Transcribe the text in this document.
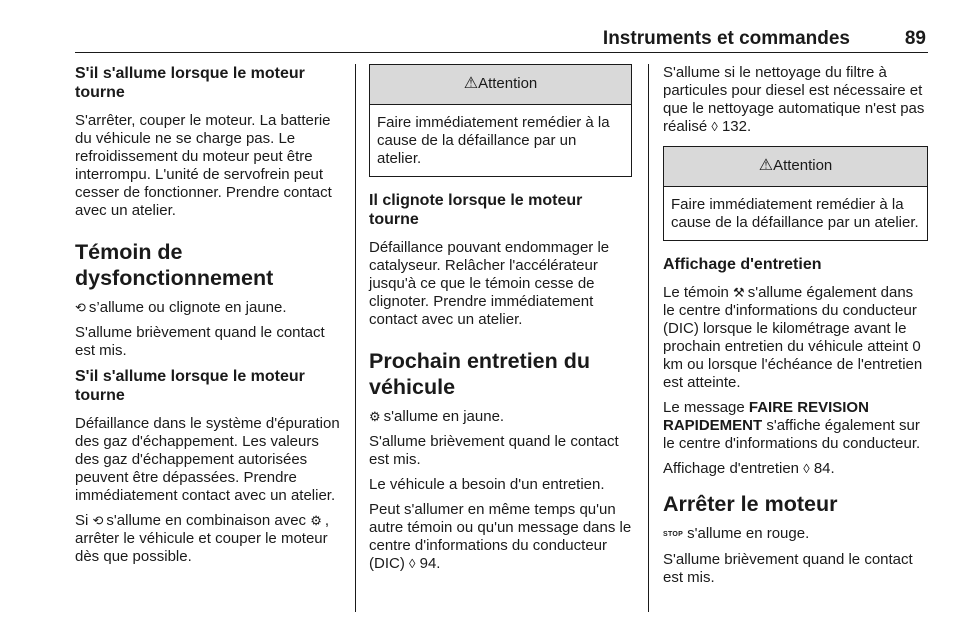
Instruments et commandes	89
S'il s'allume lorsque le moteur tourne

S'arrêter, couper le moteur. La batterie du véhicule ne se charge pas. Le refroidissement du moteur peut être interrompu. L'unité de servofrein peut cesser de fonctionner. Prendre contact avec un atelier.

Témoin de dysfonctionnement

⟲ s’allume ou clignote en jaune.

S'allume brièvement quand le contact est mis.

S'il s'allume lorsque le moteur tourne

Défaillance dans le système d'épuration des gaz d'échappement. Les valeurs des gaz d'échappement autorisées peuvent être dépassées. Prendre immédiatement contact avec un atelier.

Si ⟲ s'allume en combinaison avec ⚙ , arrêter le véhicule et couper le moteur dès que possible.

⚠Attention
Faire immédiatement remédier à la cause de la défaillance par un atelier.
Il clignote lorsque le moteur tourne

Défaillance pouvant endommager le catalyseur. Relâcher l'accélérateur jusqu'à ce que le témoin cesse de clignoter. Prendre immédiatement contact avec un atelier.

Prochain entretien du véhicule

⚙ s'allume en jaune.

S'allume brièvement quand le contact est mis.

Le véhicule a besoin d'un entretien.

Peut s'allumer en même temps qu'un autre témoin ou qu'un message dans le centre d'informations du conducteur (DIC) ◊ 94.

S'allume si le nettoyage du filtre à particules pour diesel est nécessaire et que le nettoyage automatique n'est pas réalisé ◊ 132.

⚠Attention
Faire immédiatement remédier à la cause de la défaillance par un atelier.
Affichage d'entretien

Le témoin ⚒ s'allume également dans le centre d'informations du conducteur (DIC) lorsque le kilométrage avant le prochain entretien du véhicule atteint 0 km ou lorsque l'échéance de l'entretien est atteinte.

Le message FAIRE REVISION RAPIDEMENT s'affiche également sur le centre d'informations du conducteur.

Affichage d'entretien ◊ 84.

Arrêter le moteur

STOP s'allume en rouge.

S'allume brièvement quand le contact est mis.
